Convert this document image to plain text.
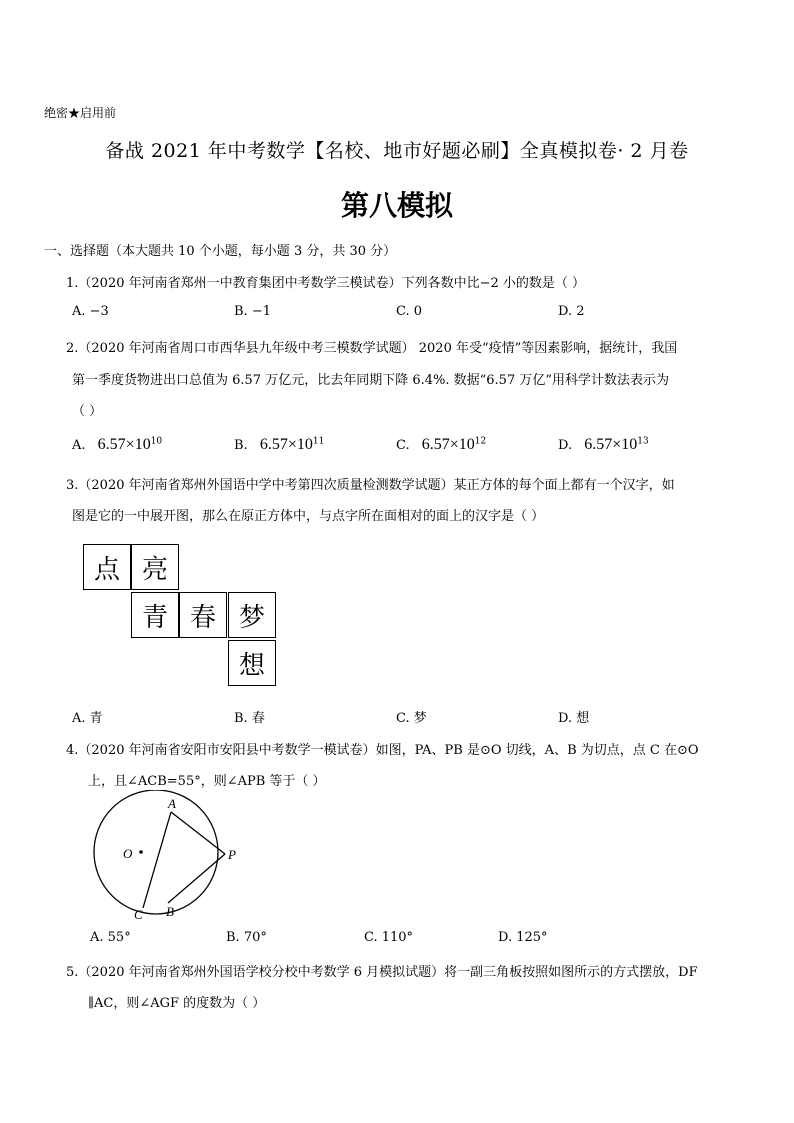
绝密★启用前
备战 2021 年中考数学【名校、地市好题必刷】全真模拟卷· 2 月卷
第八模拟
一、选择题（本大题共 10 个小题，每小题 3 分，共 30 分）
1.（2020 年河南省郑州一中教育集团中考数学三模试卷）下列各数中比−2 小的数是（ ）
A. −3	B. −1	C. 0	D. 2
2.（2020 年河南省周口市西华县九年级中考三模数学试题） 2020 年受“疫情”等因素影响，据统计，我国
第一季度货物进出口总值为 6.57 万亿元，比去年同期下降 6.4%. 数据“6.57 万亿”用科学计数法表示为
（ ）
A. $6.57\times 10^{10}$	B. $6.57\times 10^{11}$	C. $6.57\times 10^{12}$	D. $6.57\times 10^{13}$
3.（2020 年河南省郑州外国语中学中考第四次质量检测数学试题）某正方体的每个面上都有一个汉字，如
图是它的一中展开图，那么在原正方体中，与点字所在面相对的面上的汉字是（ ）
点 亮
青 春 梦
想
A. 青	B. 春	C. 梦	D. 想
4.（2020 年河南省安阳市安阳县中考数学一模试卷）如图，PA、PB 是⊙O 切线，A、B 为切点，点 C 在⊙O
上，且∠ACB=55°，则∠APB 等于（ ）
A
B
C
O	P
A. 55°	B. 70°	C. 110°	D. 125°
5.（2020 年河南省郑州外国语学校分校中考数学 6 月模拟试题）将一副三角板按照如图所示的方式摆放，DF
∥AC，则∠AGF 的度数为（ ）
